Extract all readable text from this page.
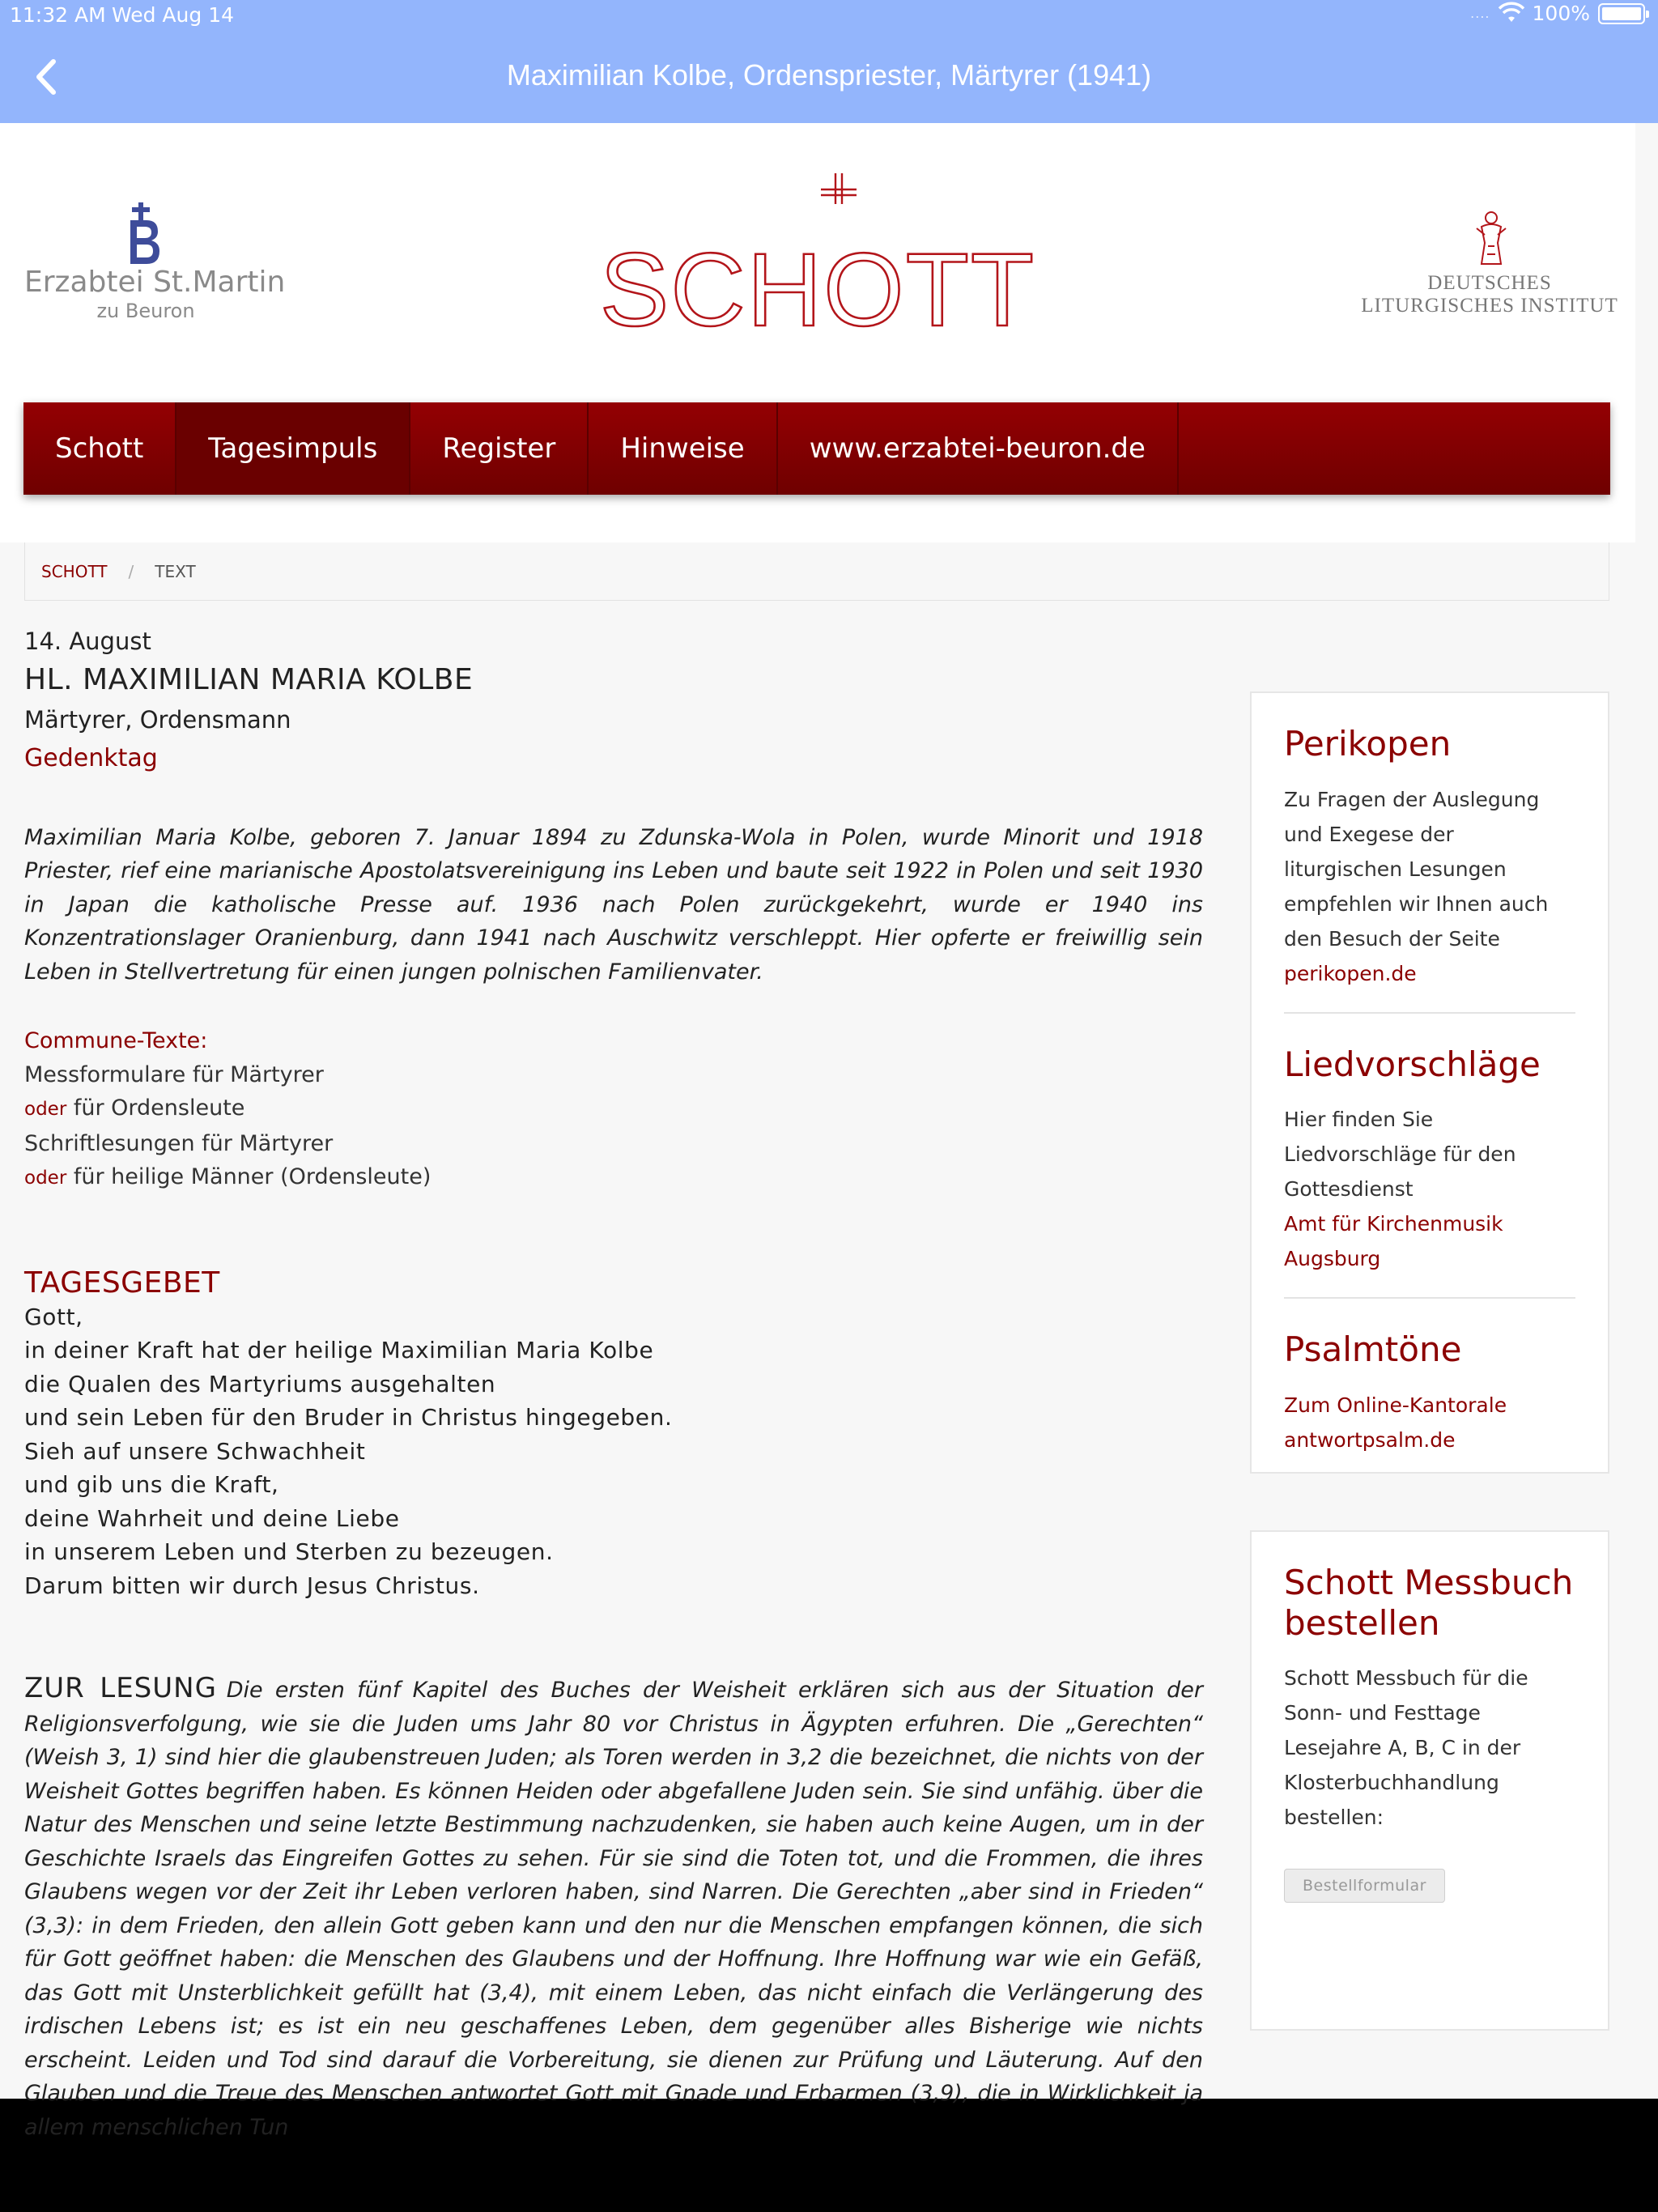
11:32 AM Wed Aug 14	.... 100%
Maximilian Kolbe, Ordenspriester, Märtyrer (1941)
Erzabtei St.Martin
zu Beuron	SCHOTT	DEUTSCHES
LITURGISCHES INSTITUT
Schott Tagesimpuls Register Hinweise www.erzabtei-beuron.de
SCHOTT / TEXT
14. August
HL. MAXIMILIAN MARIA KOLBE
Märtyrer, Ordensmann
Gedenktag

Maximilian Maria Kolbe, geboren 7. Januar 1894 zu Zdunska-Wola in Polen, wurde Minorit und 1918 Priester, rief eine marianische Apostolatsvereinigung ins Leben und baute seit 1922 in Polen und seit 1930 in Japan die katholische Presse auf. 1936 nach Polen zurückgekehrt, wurde er 1940 ins Konzentrationslager Oranienburg, dann 1941 nach Auschwitz verschleppt. Hier opferte er freiwillig sein Leben in Stellvertretung für einen jungen polnischen Familienvater.

Commune-Texte:
Messformulare für Märtyrer
oder für Ordensleute
Schriftlesungen für Märtyrer
oder für heilige Männer (Ordensleute)
TAGESGEBET
Gott,
in deiner Kraft hat der heilige Maximilian Maria Kolbe
die Qualen des Martyriums ausgehalten
und sein Leben für den Bruder in Christus hingegeben.
Sieh auf unsere Schwachheit
und gib uns die Kraft,
deine Wahrheit und deine Liebe
in unserem Leben und Sterben zu bezeugen.
Darum bitten wir durch Jesus Christus.

ZUR LESUNG Die ersten fünf Kapitel des Buches der Weisheit erklären sich aus der Situation der Religionsverfolgung, wie sie die Juden ums Jahr 80 vor Christus in Ägypten erfuhren. Die „Gerechten“ (Weish 3, 1) sind hier die glaubenstreuen Juden; als Toren werden in 3,2 die bezeichnet, die nichts von der Weisheit Gottes begriffen haben. Es können Heiden oder abgefallene Juden sein. Sie sind unfähig. über die Natur des Menschen und seine letzte Bestimmung nachzudenken, sie haben auch keine Augen, um in der Geschichte Israels das Eingreifen Gottes zu sehen. Für sie sind die Toten tot, und die Frommen, die ihres Glaubens wegen vor der Zeit ihr Leben verloren haben, sind Narren. Die Gerechten „aber sind in Frieden“ (3,3): in dem Frieden, den allein Gott geben kann und den nur die Menschen empfangen können, die sich für Gott geöffnet haben: die Menschen des Glaubens und der Hoffnung. Ihre Hoffnung war wie ein Gefäß, das Gott mit Unsterblichkeit gefüllt hat (3,4), mit einem Leben, das nicht einfach die Verlängerung des irdischen Lebens ist; es ist ein neu geschaffenes Leben, dem gegenüber alles Bisherige wie nichts erscheint. Leiden und Tod sind darauf die Vorbereitung, sie dienen zur Prüfung und Läuterung. Auf den Glauben und die Treue des Menschen antwortet Gott mit Gnade und Erbarmen (3,9), die in Wirklichkeit ja allem menschlichen Tun

Perikopen

Zu Fragen der Auslegung und Exegese der liturgischen Lesungen empfehlen wir Ihnen auch den Besuch der Seite

perikopen.de
Liedvorschläge

Hier finden Sie Liedvorschläge für den Gottesdienst

Amt für Kirchenmusik Augsburg
Psalmtöne
Zum Online-Kantorale
antwortpsalm.de
Schott Messbuch bestellen

Schott Messbuch für die Sonn- und Festtage Lesejahre A, B, C in der Klosterbuchhandlung bestellen:

Bestellformular
